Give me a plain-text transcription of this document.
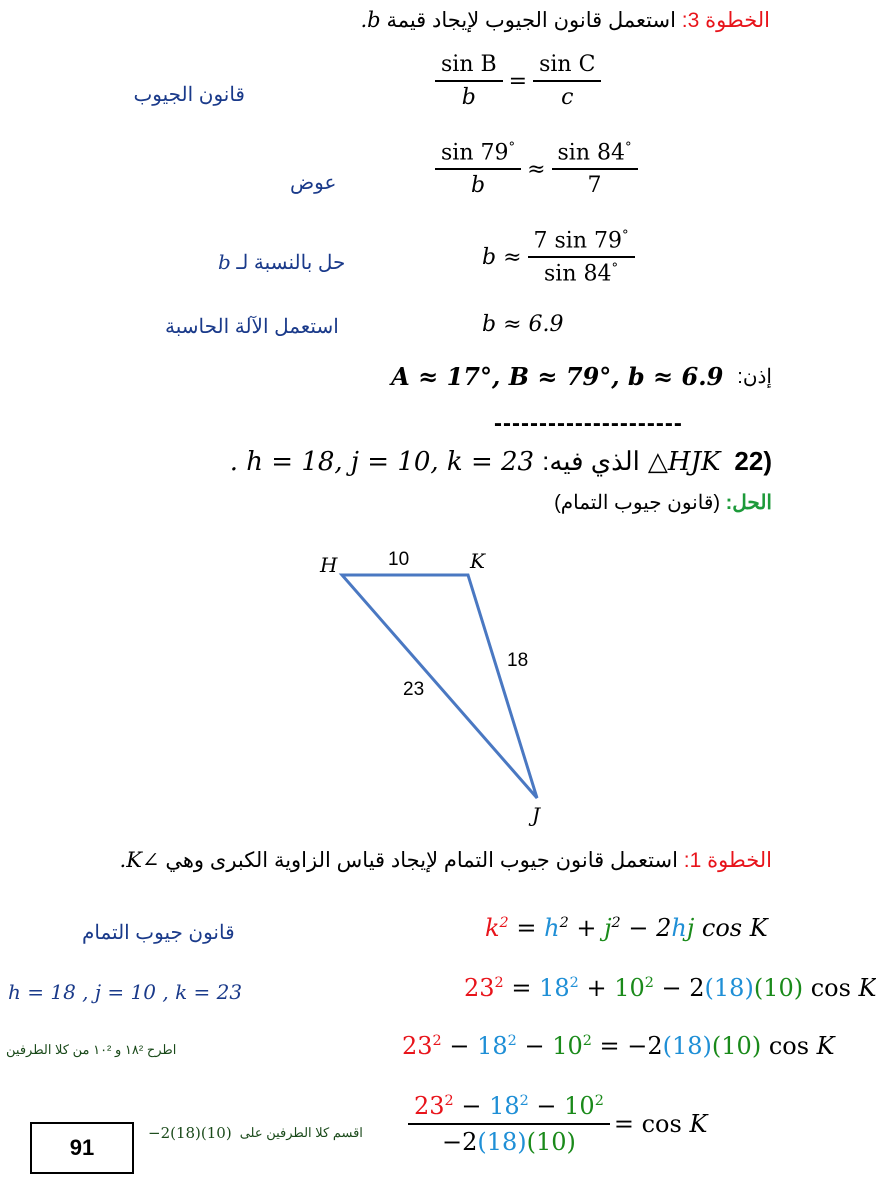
الخطوة 3: استعمل قانون الجيوب لإيجاد قيمة b.
$\frac{\text{sin B}}{b} = \frac{\text{sin C}}{c}$
قانون الجيوب
$\frac{\sin 79^\circ}{b} \approx \frac{\sin 84^\circ}{7}$
عوض
$b \approx \frac{7 \sin 79^\circ}{\sin 84^\circ}$
حل بالنسبة لـ b
b ≈ 6.9
استعمل الآلة الحاسبة
A ≈ 17°, B ≈ 79°, b ≈ 6.9 إذن:
---------------------
. h = 18, j = 10, k = 23 الذي فيه: △HJK 22)
الحل: (قانون جيوب التمام)
H	K
J
10
18
23
الخطوة 1: استعمل قانون جيوب التمام لإيجاد قياس الزاوية الكبرى وهي ∠K.
$k^2 = h^2 + j^2 - 2hj$ cos K
قانون جيوب التمام
$23^2 = 18^2 + 10^2 - 2(18)(10)$ cos K
h = 18 , j = 10 , k = 23
$23^2 - 18^2 - 10^2 = -2(18)(10)$ cos K
اطرح ١٨² و ١٠² من كلا الطرفين
$\frac{23^2 - 18^2 - 10^2}{-2(18)(10)} = \cos K$
اقسم كلا الطرفين على
−2(18)(10)
91
